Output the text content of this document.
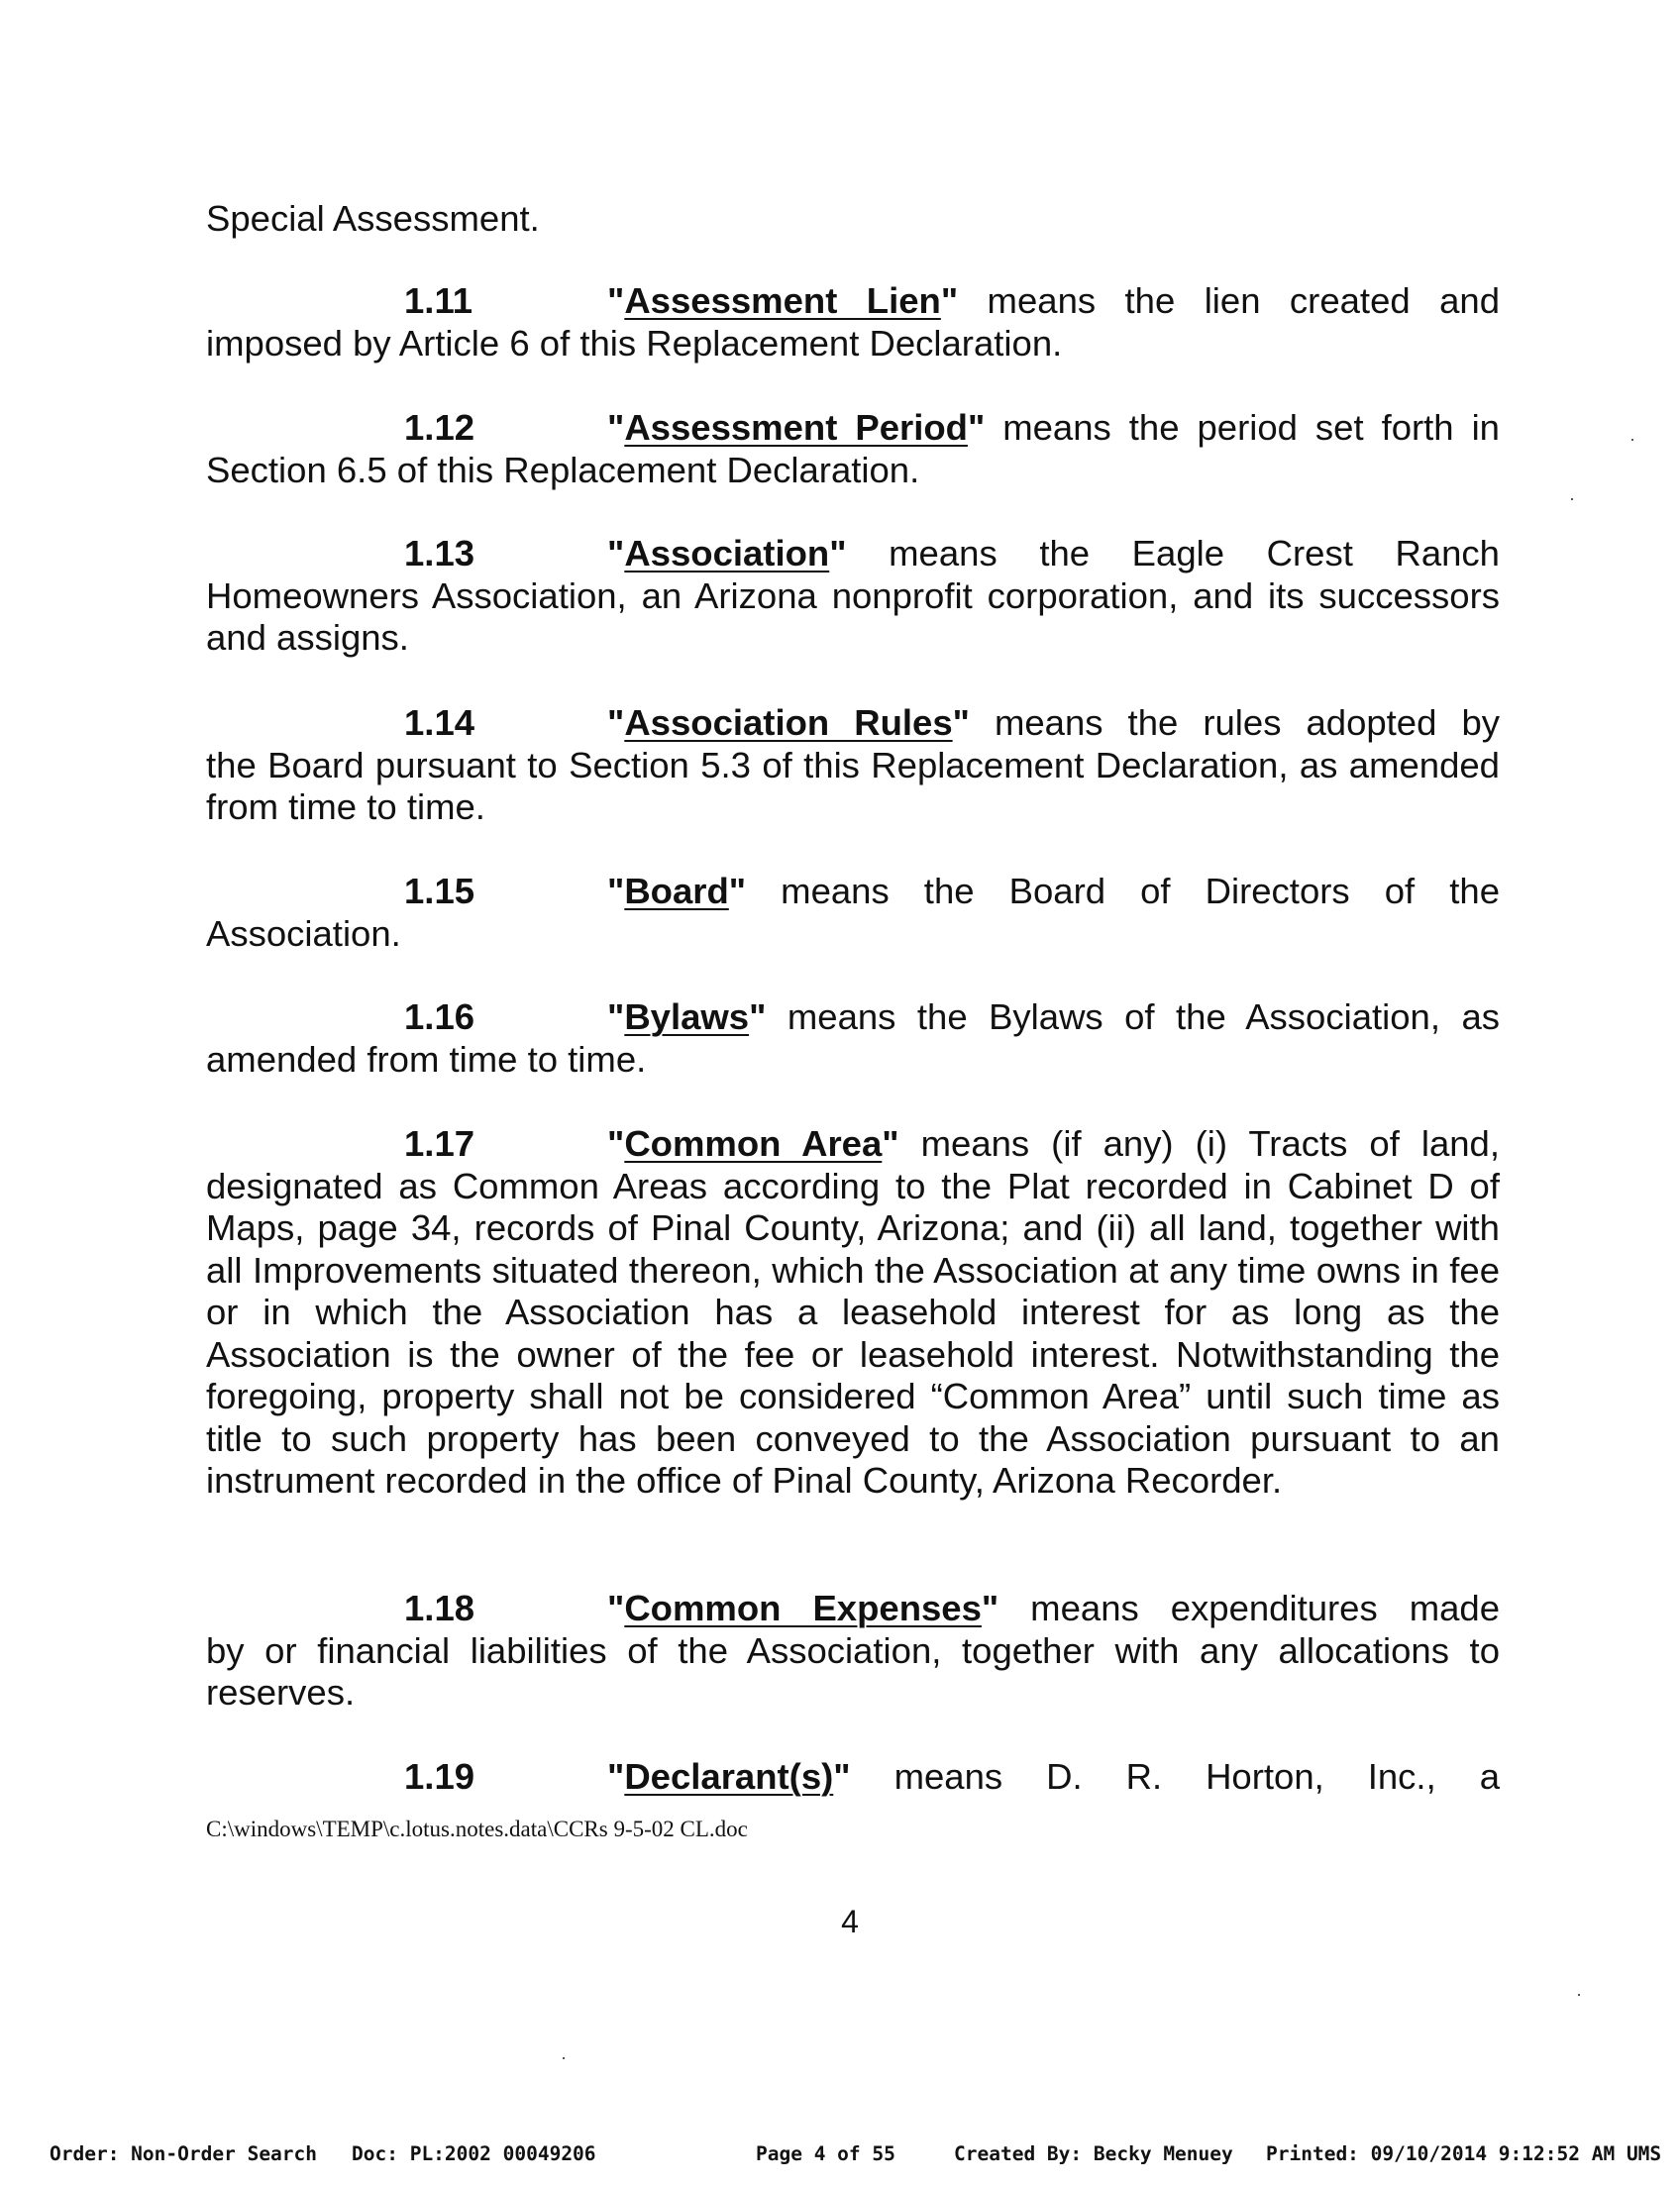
Special Assessment.
1.11	"Assessment Lien" means the lien created and
imposed by Article 6 of this Replacement Declaration.
1.12	"Assessment Period" means the period set forth in
Section 6.5 of this Replacement Declaration.
1.13	"Association" means the Eagle Crest Ranch
Homeowners Association, an Arizona nonprofit corporation, and its successors and assigns.
1.14	"Association Rules" means the rules adopted by
the Board pursuant to Section 5.3 of this Replacement Declaration, as amended from time to time.
1.15	"Board" means the Board of Directors of the
Association.
1.16	"Bylaws" means the Bylaws of the Association, as
amended from time to time.
1.17	"Common Area" means (if any) (i) Tracts of land,
designated as Common Areas according to the Plat recorded in Cabinet D of Maps, page 34, records of Pinal County, Arizona; and (ii) all land, together with all Improvements situated thereon, which the Association at any time owns in fee or in which the Association has a leasehold interest for as long as the Association is the owner of the fee or leasehold interest. Notwithstanding the foregoing, property shall not be considered “Common Area” until such time as title to such property has been conveyed to the Association pursuant to an instrument recorded in the office of Pinal County, Arizona Recorder.
1.18	"Common Expenses" means expenditures made
by or financial liabilities of the Association, together with any allocations to reserves.
1.19	"Declarant(s)" means D. R. Horton, Inc., a
C:\windows\TEMP\c.lotus.notes.data\CCRs 9-5-02 CL.doc
4
Order: Non-Order Search Doc: PL:2002 00049206	Page 4 of 55	Created By: Becky Menuey Printed: 09/10/2014 9:12:52 AM UMS
